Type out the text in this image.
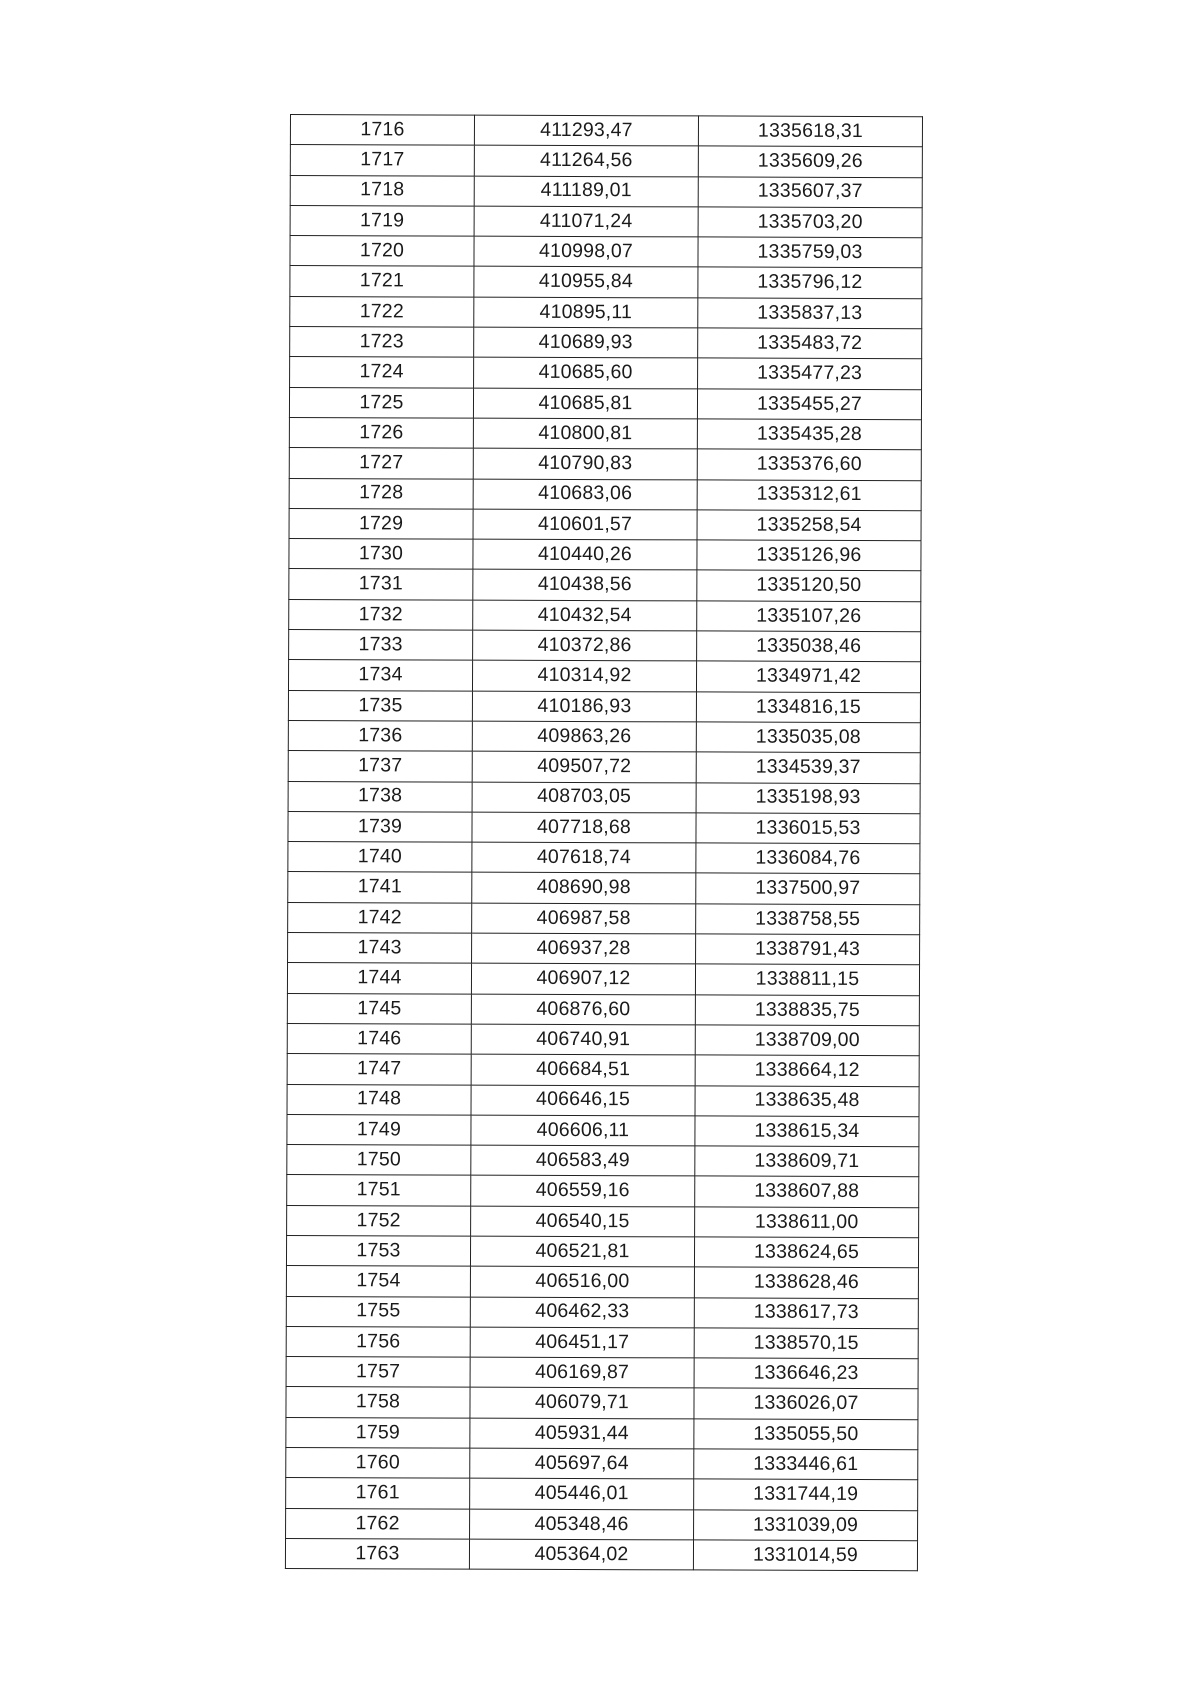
1716	411293,47	1335618,31
1717	411264,56	1335609,26
1718	411189,01	1335607,37
1719	411071,24	1335703,20
1720	410998,07	1335759,03
1721	410955,84	1335796,12
1722	410895,11	1335837,13
1723	410689,93	1335483,72
1724	410685,60	1335477,23
1725	410685,81	1335455,27
1726	410800,81	1335435,28
1727	410790,83	1335376,60
1728	410683,06	1335312,61
1729	410601,57	1335258,54
1730	410440,26	1335126,96
1731	410438,56	1335120,50
1732	410432,54	1335107,26
1733	410372,86	1335038,46
1734	410314,92	1334971,42
1735	410186,93	1334816,15
1736	409863,26	1335035,08
1737	409507,72	1334539,37
1738	408703,05	1335198,93
1739	407718,68	1336015,53
1740	407618,74	1336084,76
1741	408690,98	1337500,97
1742	406987,58	1338758,55
1743	406937,28	1338791,43
1744	406907,12	1338811,15
1745	406876,60	1338835,75
1746	406740,91	1338709,00
1747	406684,51	1338664,12
1748	406646,15	1338635,48
1749	406606,11	1338615,34
1750	406583,49	1338609,71
1751	406559,16	1338607,88
1752	406540,15	1338611,00
1753	406521,81	1338624,65
1754	406516,00	1338628,46
1755	406462,33	1338617,73
1756	406451,17	1338570,15
1757	406169,87	1336646,23
1758	406079,71	1336026,07
1759	405931,44	1335055,50
1760	405697,64	1333446,61
1761	405446,01	1331744,19
1762	405348,46	1331039,09
1763	405364,02	1331014,59
